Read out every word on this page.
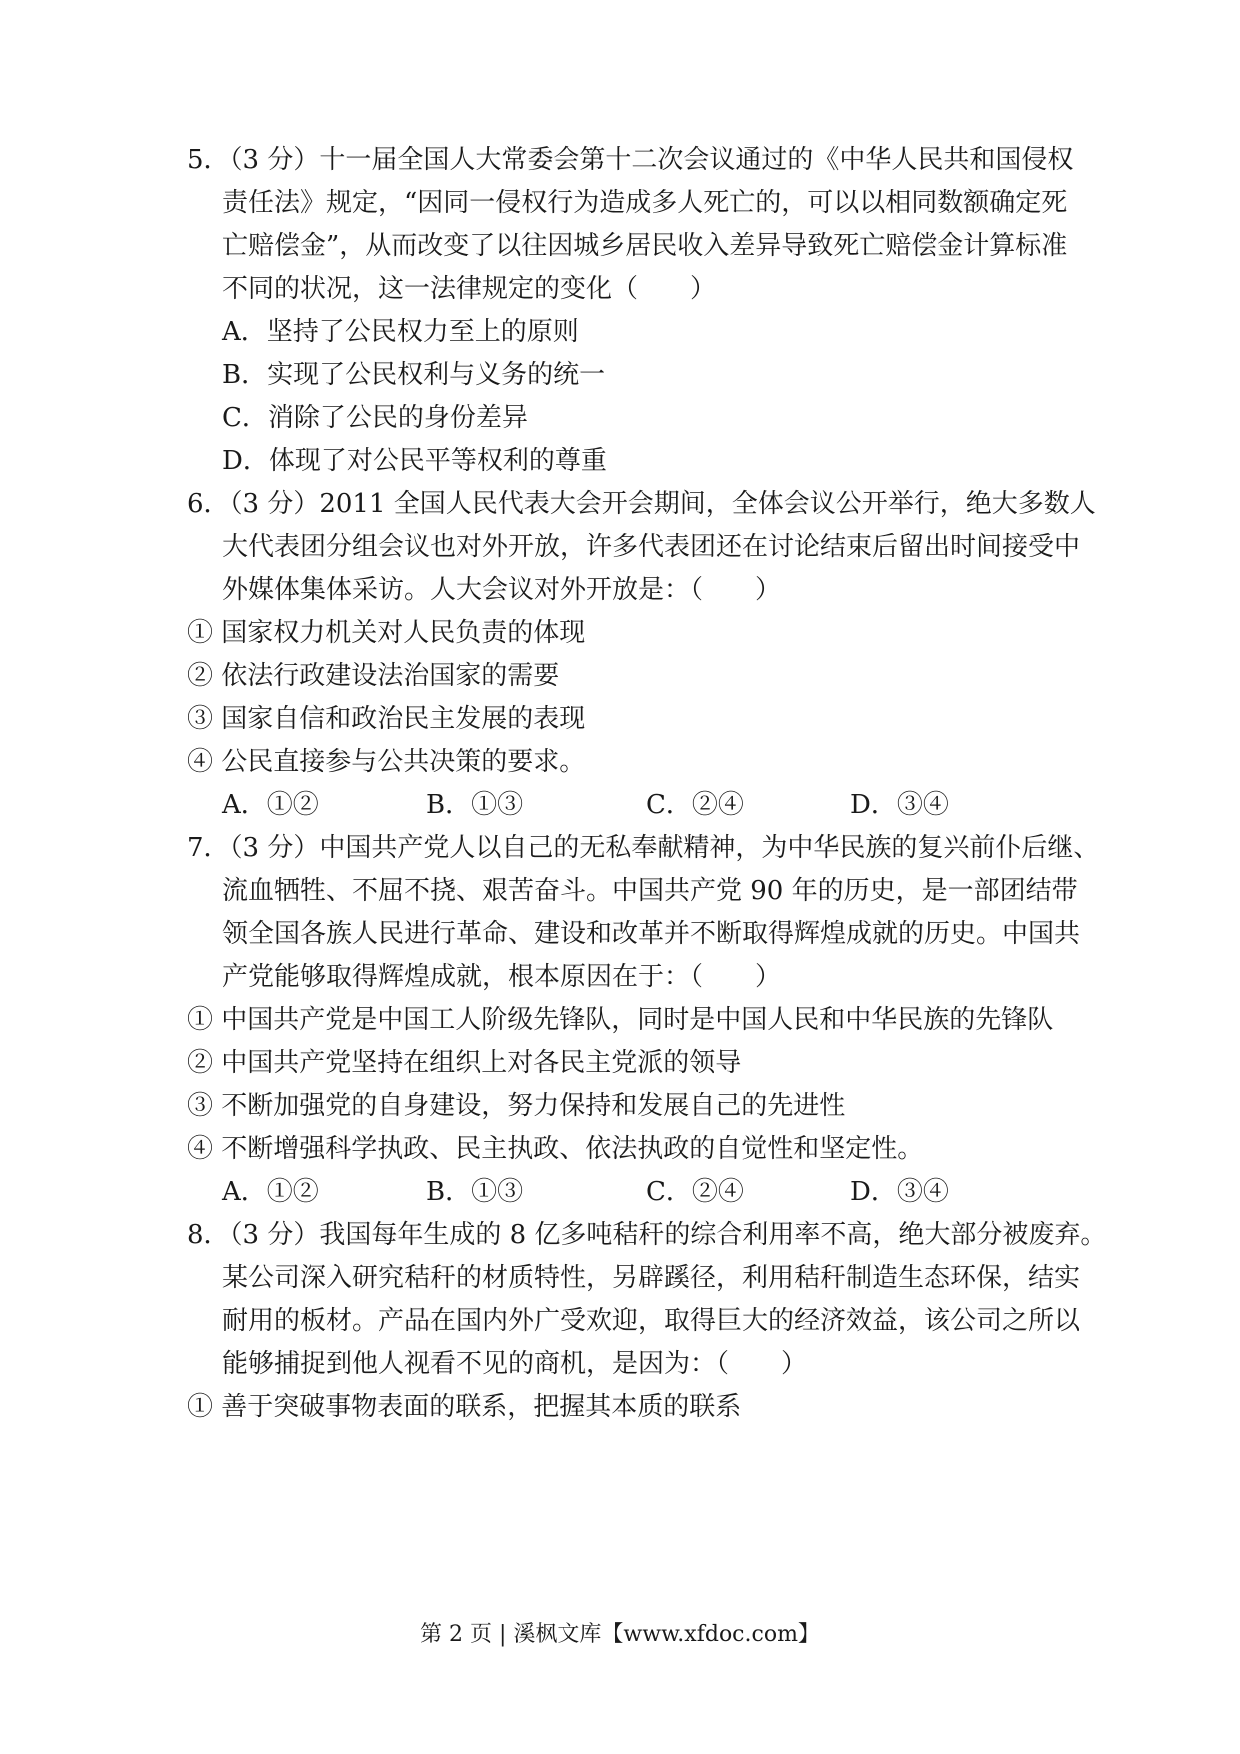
5．（3 分）十一届全国人大常委会第十二次会议通过的《中华人民共和国侵权
责任法》规定，“因同一侵权行为造成多人死亡的，可以以相同数额确定死
亡赔偿金”，从而改变了以往因城乡居民收入差异导致死亡赔偿金计算标准
不同的状况，这一法律规定的变化（　　）
A．坚持了公民权力至上的原则
B．实现了公民权利与义务的统一
C．消除了公民的身份差异
D．体现了对公民平等权利的尊重
6．（3 分）2011 全国人民代表大会开会期间，全体会议公开举行，绝大多数人
大代表团分组会议也对外开放，许多代表团还在讨论结束后留出时间接受中
外媒体集体采访。人大会议对外开放是：（　　）
① 国家权力机关对人民负责的体现
② 依法行政建设法治国家的需要
③ 国家自信和政治民主发展的表现
④ 公民直接参与公共决策的要求。
A．①②	B．①③	C．②④	D．③④
7．（3 分）中国共产党人以自己的无私奉献精神，为中华民族的复兴前仆后继、
流血牺牲、不屈不挠、艰苦奋斗。中国共产党 90 年的历史，是一部团结带
领全国各族人民进行革命、建设和改革并不断取得辉煌成就的历史。中国共
产党能够取得辉煌成就，根本原因在于：（　　）
① 中国共产党是中国工人阶级先锋队，同时是中国人民和中华民族的先锋队
② 中国共产党坚持在组织上对各民主党派的领导
③ 不断加强党的自身建设，努力保持和发展自己的先进性
④ 不断增强科学执政、民主执政、依法执政的自觉性和坚定性。
A．①②	B．①③	C．②④	D．③④
8．（3 分）我国每年生成的 8 亿多吨秸秆的综合利用率不高，绝大部分被废弃。
某公司深入研究秸秆的材质特性，另辟蹊径，利用秸秆制造生态环保，结实
耐用的板材。产品在国内外广受欢迎，取得巨大的经济效益，该公司之所以
能够捕捉到他人视看不见的商机，是因为：（　　）
① 善于突破事物表面的联系，把握其本质的联系
第 2 页 | 溪枫文库【www.xfdoc.com】
